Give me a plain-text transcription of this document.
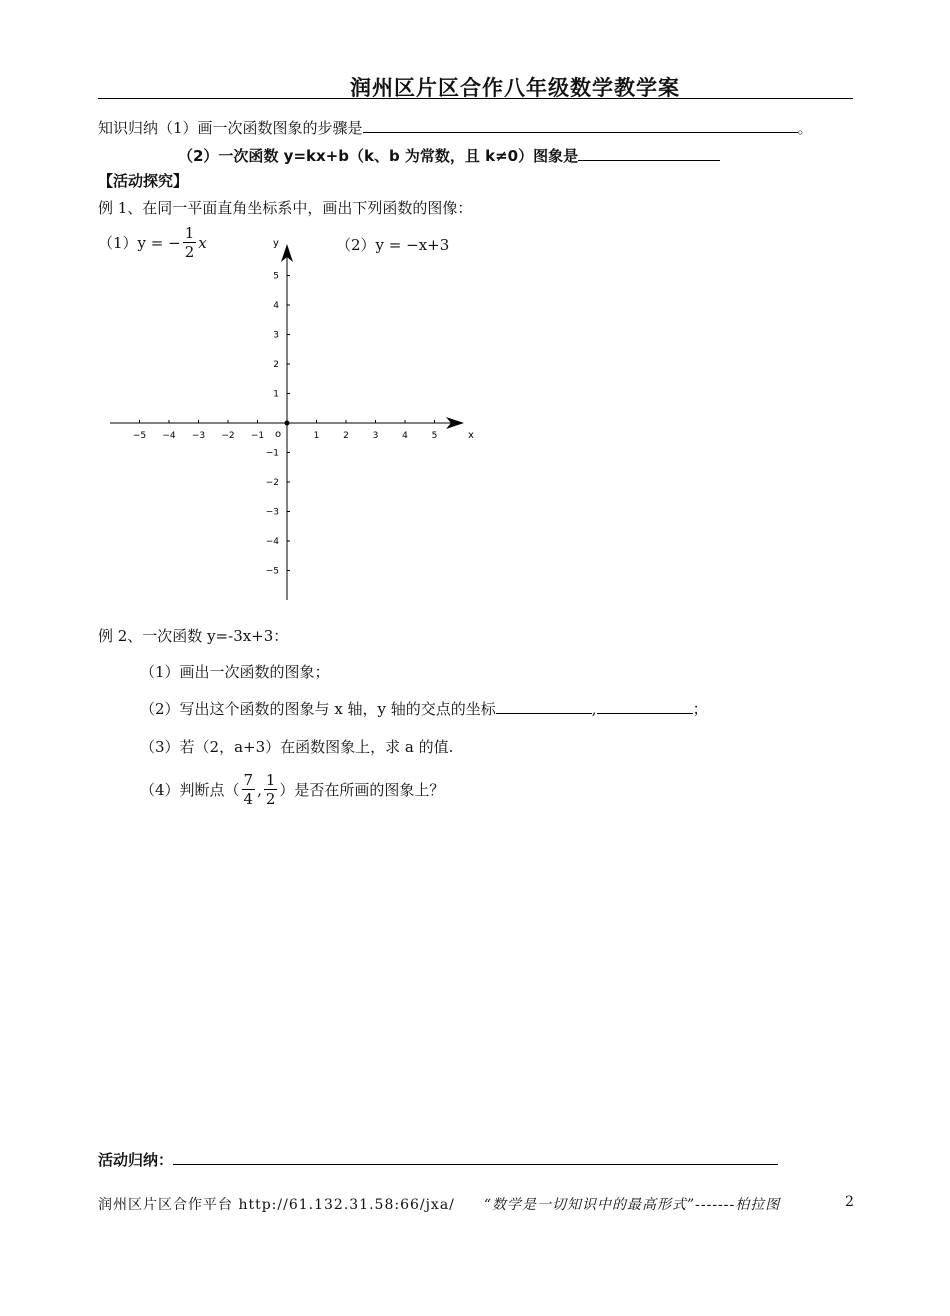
润州区片区合作八年级数学教学案
知识归纳（1）画一次函数图象的步骤是	。
（2）一次函数 y=kx+b（k、b 为常数，且 k≠0）图象是
【活动探究】
例 1、在同一平面直角坐标系中，画出下列函数的图像：
（1）y = − $\frac{1}{2}$ x	（2）y = −x+3
o	x
y
−5 −4 −3 −2 −1	1	2	3	4	5
5
4
3
2
1
−1
−2
−3
−4
−5
例 2、一次函数 y=-3x+3：
（1）画出一次函数的图象；
（2）写出这个函数的图象与 x 轴，y 轴的交点的坐标	,	；
（3）若（2，a+3）在函数图象上，求 a 的值.
（4）判断点（ $\frac{7}{4}$ , $\frac{1}{2}$ ）是否在所画的图象上？
活动归纳：
润州区片区合作平台 http://61.132.31.58:66/jxa/ “数学是一切知识中的最高形式”-------柏拉图	2
